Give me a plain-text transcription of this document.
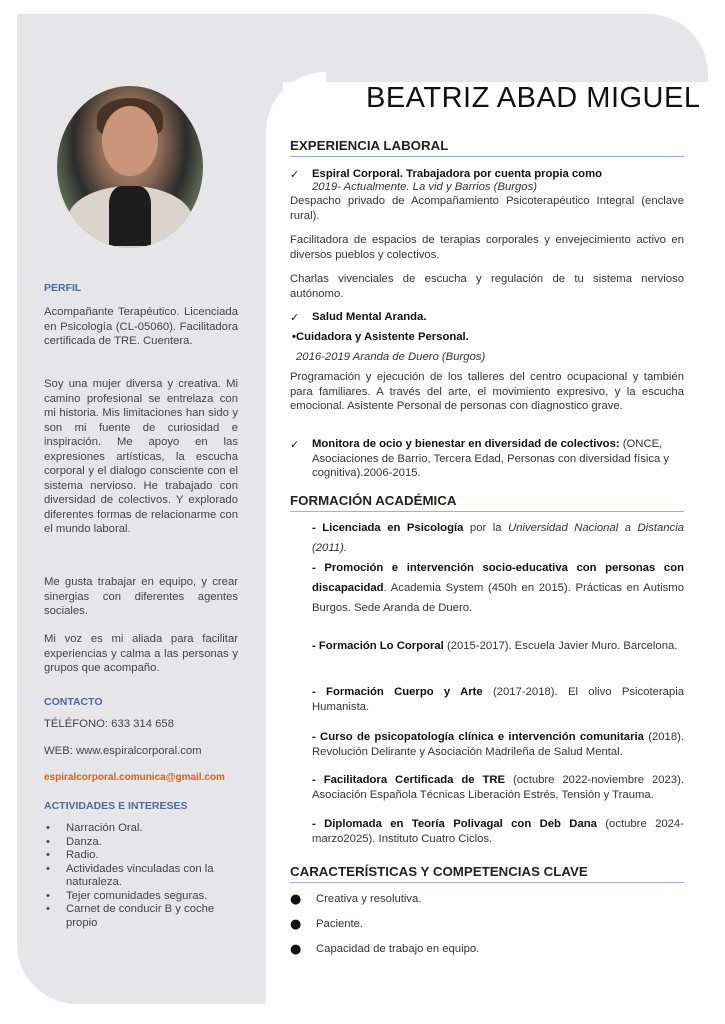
PERFIL
Acompañante Terapéutico. Licenciada en Psicología (CL-05060). Facilitadora certificada de TRE. Cuentera.
Soy una mujer diversa y creativa. Mi camino profesional se entrelaza con mi historia. Mis limitaciones han sido y son mi fuente de curiosidad e inspiración. Me apoyo en las expresiones artísticas, la escucha corporal y el dialogo consciente con el sistema nervioso. He trabajado con diversidad de colectivos. Y explorado diferentes formas de relacionarme con el mundo laboral.
Me gusta trabajar en equipo, y crear sinergias con diferentes agentes sociales.
Mi voz es mi aliada para facilitar experiencias y calma a las personas y grupos que acompaño.
CONTACTO
TÉLÉFONO: 633 314 658
WEB: www.espiralcorporal.com
espiralcorporal.comunica@gmail.com
ACTIVIDADES E INTERESES
• Narración Oral.
• Danza.
• Radio.
• Actividades vinculadas con la naturaleza.
• Tejer comunidades seguras.
• Carnet de conducir B y coche propio
BEATRIZ ABAD MIGUEL
EXPERIENCIA LABORAL
✓ Espiral Corporal. Trabajadora por cuenta propia como
2019- Actualmente. La vid y Barrios (Burgos)
Despacho privado de Acompañamiento Psicoterapéutico Integral (enclave rural).
Facilitadora de espacios de terapias corporales y envejecimiento activo en diversos pueblos y colectivos.
Charlas vivenciales de escucha y regulación de tu sistema nervioso autónomo.
✓ Salud Mental Aranda.
•Cuidadora y Asistente Personal.
2016-2019 Aranda de Duero (Burgos)
Programación y ejecución de los talleres del centro ocupacional y también para familiares. A través del arte, el movimiento expresivo, y la escucha emocional. Asistente Personal de personas con diagnostico grave.
✓ Monitora de ocio y bienestar en diversidad de colectivos: (ONCE, Asociaciones de Barrio, Tercera Edad, Personas con diversidad física y cognitiva).2006-2015.
FORMACIÓN ACADÉMICA
- Licenciada en Psicología por la Universidad Nacional a Distancia (2011).
- Promoción e intervención socio-educativa con personas con discapacidad. Academia System (450h en 2015). Prácticas en Autismo Burgos. Sede Aranda de Duero.
- Formación Lo Corporal (2015-2017). Escuela Javier Muro. Barcelona.
- Formación Cuerpo y Arte (2017-2018). El olivo Psicoterapia Humanista.
- Curso de psicopatología clínica e intervención comunitaria (2018). Revolución Delirante y Asociación Madrileña de Salud Mental.
- Facilitadora Certificada de TRE (octubre 2022-noviembre 2023). Asociación Española Técnicas Liberación Estrés, Tensión y Trauma.
- Diplomada en Teoría Polivagal con Deb Dana (octubre 2024-marzo2025). Instituto Cuatro Ciclos.
CARACTERÍSTICAS Y COMPETENCIAS CLAVE
● Creativa y resolutiva.
● Paciente.
● Capacidad de trabajo en equipo.
